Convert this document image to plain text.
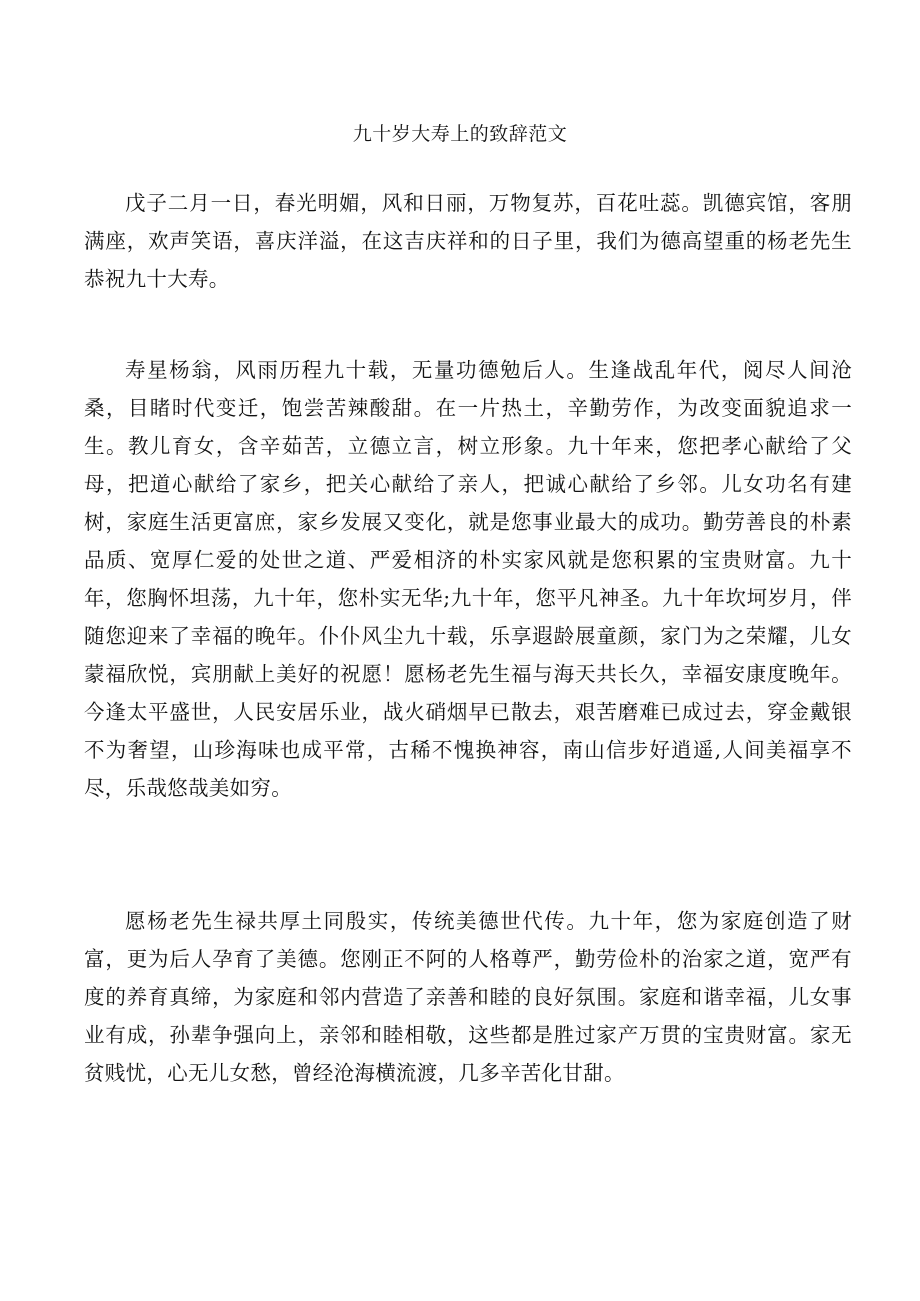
九十岁大寿上的致辞范文

戊子二月一日，春光明媚，风和日丽，万物复苏，百花吐蕊。凯德宾馆，客朋满座，欢声笑语，喜庆洋溢，在这吉庆祥和的日子里，我们为德高望重的杨老先生恭祝九十大寿。

寿星杨翁，风雨历程九十载，无量功德勉后人。生逢战乱年代，阅尽人间沧桑，目睹时代变迁，饱尝苦辣酸甜。在一片热土，辛勤劳作，为改变面貌追求一生。教儿育女，含辛茹苦，立德立言，树立形象。九十年来，您把孝心献给了父母，把道心献给了家乡，把关心献给了亲人，把诚心献给了乡邻。儿女功名有建树，家庭生活更富庶，家乡发展又变化，就是您事业最大的成功。勤劳善良的朴素品质、宽厚仁爱的处世之道、严爱相济的朴实家风就是您积累的宝贵财富。九十年，您胸怀坦荡，九十年，您朴实无华;九十年，您平凡神圣。九十年坎坷岁月，伴随您迎来了幸福的晚年。仆仆风尘九十载，乐享遐龄展童颜，家门为之荣耀，儿女蒙福欣悦，宾朋献上美好的祝愿！愿杨老先生福与海天共长久，幸福安康度晚年。今逢太平盛世，人民安居乐业，战火硝烟早已散去，艰苦磨难已成过去，穿金戴银不为奢望，山珍海味也成平常，古稀不愧换神容，南山信步好逍遥,人间美福享不尽，乐哉悠哉美如穷。

愿杨老先生禄共厚土同殷实，传统美德世代传。九十年，您为家庭创造了财富，更为后人孕育了美德。您刚正不阿的人格尊严，勤劳俭朴的治家之道，宽严有度的养育真缔，为家庭和邻内营造了亲善和睦的良好氛围。家庭和谐幸福，儿女事业有成，孙辈争强向上，亲邻和睦相敬，这些都是胜过家产万贯的宝贵财富。家无贫贱忧，心无儿女愁，曾经沧海横流渡，几多辛苦化甘甜。
